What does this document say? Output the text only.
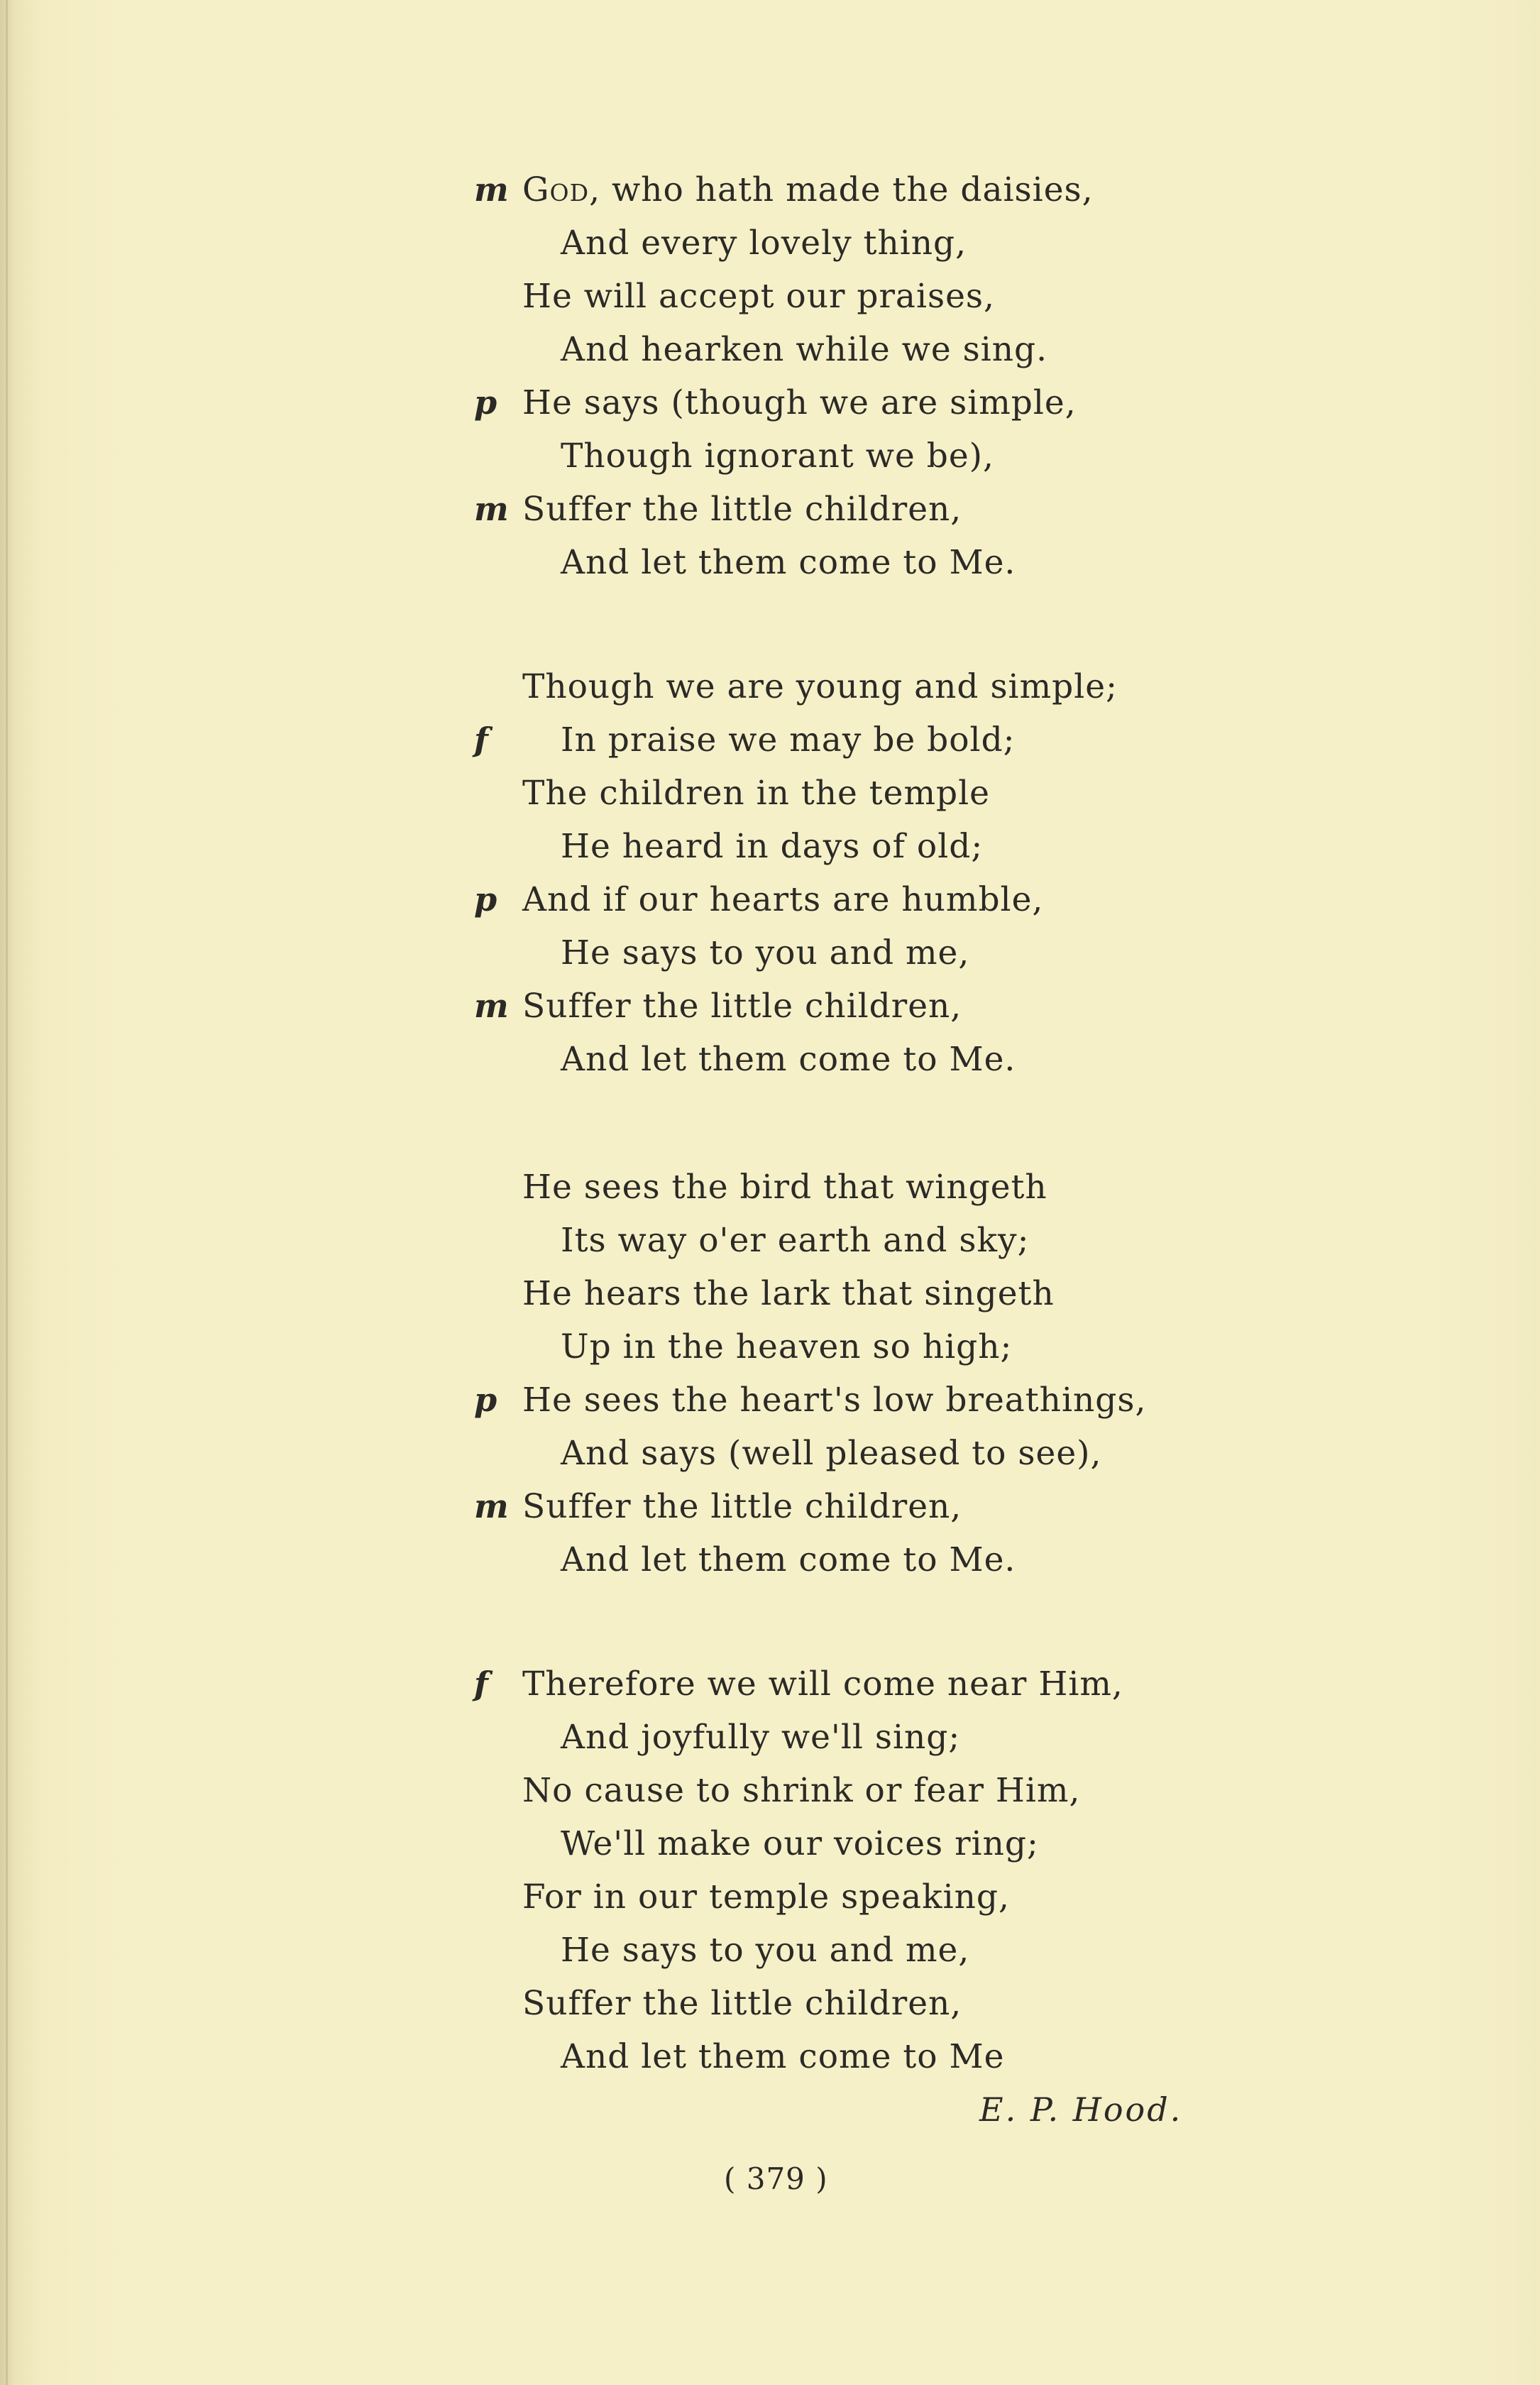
m God, who hath made the daisies,
And every lovely thing,
He will accept our praises,
And hearken while we sing.
p He says (though we are simple,
Though ignorant we be),
m Suffer the little children,
And let them come to Me.
Though we are young and simple;
f In praise we may be bold;
The children in the temple
He heard in days of old;
p And if our hearts are humble,
He says to you and me,
m Suffer the little children,
And let them come to Me.
He sees the bird that wingeth
Its way o'er earth and sky;
He hears the lark that singeth
Up in the heaven so high;
p He sees the heart's low breathings,
And says (well pleased to see),
m Suffer the little children,
And let them come to Me.
f Therefore we will come near Him,
And joyfully we'll sing;
No cause to shrink or fear Him,
We'll make our voices ring;
For in our temple speaking,
He says to you and me,
Suffer the little children,
And let them come to Me
E. P. Hood.
( 379 )
